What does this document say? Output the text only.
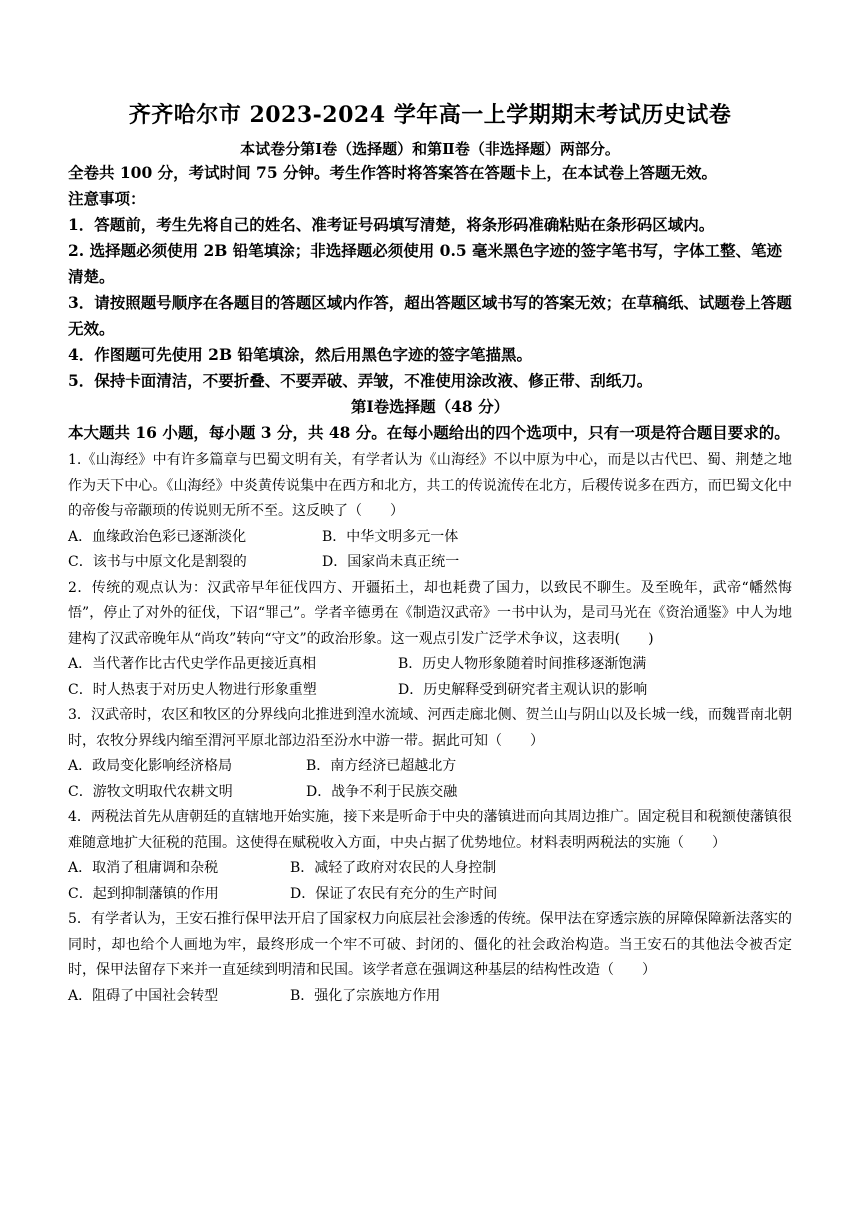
齐齐哈尔市 2023-2024 学年高一上学期期末考试历史试卷

本试卷分第Ⅰ卷（选择题）和第Ⅱ卷（非选择题）两部分。

全卷共 100 分，考试时间 75 分钟。考生作答时将答案答在答题卡上，在本试卷上答题无效。

注意事项：

1．答题前，考生先将自己的姓名、准考证号码填写清楚，将条形码准确粘贴在条形码区域内。

2. 选择题必须使用 2B 铅笔填涂；非选择题必须使用 0.5 毫米黑色字迹的签字笔书写，字体工整、笔迹清楚。

3．请按照题号顺序在各题目的答题区域内作答，超出答题区域书写的答案无效；在草稿纸、试题卷上答题无效。

4．作图题可先使用 2B 铅笔填涂，然后用黑色字迹的签字笔描黑。

5．保持卡面清洁，不要折叠、不要弄破、弄皱，不准使用涂改液、修正带、刮纸刀。

第Ⅰ卷选择题（48 分）

本大题共 16 小题，每小题 3 分，共 48 分。在每小题给出的四个选项中，只有一项是符合题目要求的。

1.《山海经》中有许多篇章与巴蜀文明有关，有学者认为《山海经》不以中原为中心，而是以古代巴、蜀、荆楚之地作为天下中心。《山海经》中炎黄传说集中在西方和北方，共工的传说流传在北方，后稷传说多在西方，而巴蜀文化中的帝俊与帝颛顼的传说则无所不至。这反映了（　　）

A．血缘政治色彩已逐渐淡化	B．中华文明多元一体
C．该书与中原文化是割裂的	D．国家尚未真正统一

2．传统的观点认为：汉武帝早年征伐四方、开疆拓土，却也耗费了国力，以致民不聊生。及至晚年，武帝“幡然悔悟”，停止了对外的征伐，下诏“罪己”。学者辛德勇在《制造汉武帝》一书中认为，是司马光在《资治通鉴》中人为地建构了汉武帝晚年从“尚攻”转向“守文”的政治形象。这一观点引发广泛学术争议，这表明(　　)

A．当代著作比古代史学作品更接近真相	B．历史人物形象随着时间推移逐渐饱满
C．时人热衷于对历史人物进行形象重塑	D．历史解释受到研究者主观认识的影响

3．汉武帝时，农区和牧区的分界线向北推进到湟水流域、河西走廊北侧、贺兰山与阴山以及长城一线，而魏晋南北朝时，农牧分界线内缩至渭河平原北部边沿至汾水中游一带。据此可知（　　）

A．政局变化影响经济格局	B．南方经济已超越北方
C．游牧文明取代农耕文明	D．战争不利于民族交融

4．两税法首先从唐朝廷的直辖地开始实施，接下来是听命于中央的藩镇进而向其周边推广。固定税目和税额使藩镇很难随意地扩大征税的范围。这使得在赋税收入方面，中央占据了优势地位。材料表明两税法的实施（　　）

A．取消了租庸调和杂税	B．减轻了政府对农民的人身控制
C．起到抑制藩镇的作用	D．保证了农民有充分的生产时间

5．有学者认为，王安石推行保甲法开启了国家权力向底层社会渗透的传统。保甲法在穿透宗族的屏障保障新法落实的同时，却也给个人画地为牢，最终形成一个牢不可破、封闭的、僵化的社会政治构造。当王安石的其他法令被否定时，保甲法留存下来并一直延续到明清和民国。该学者意在强调这种基层的结构性改造（　　）

A．阻碍了中国社会转型	B．强化了宗族地方作用
